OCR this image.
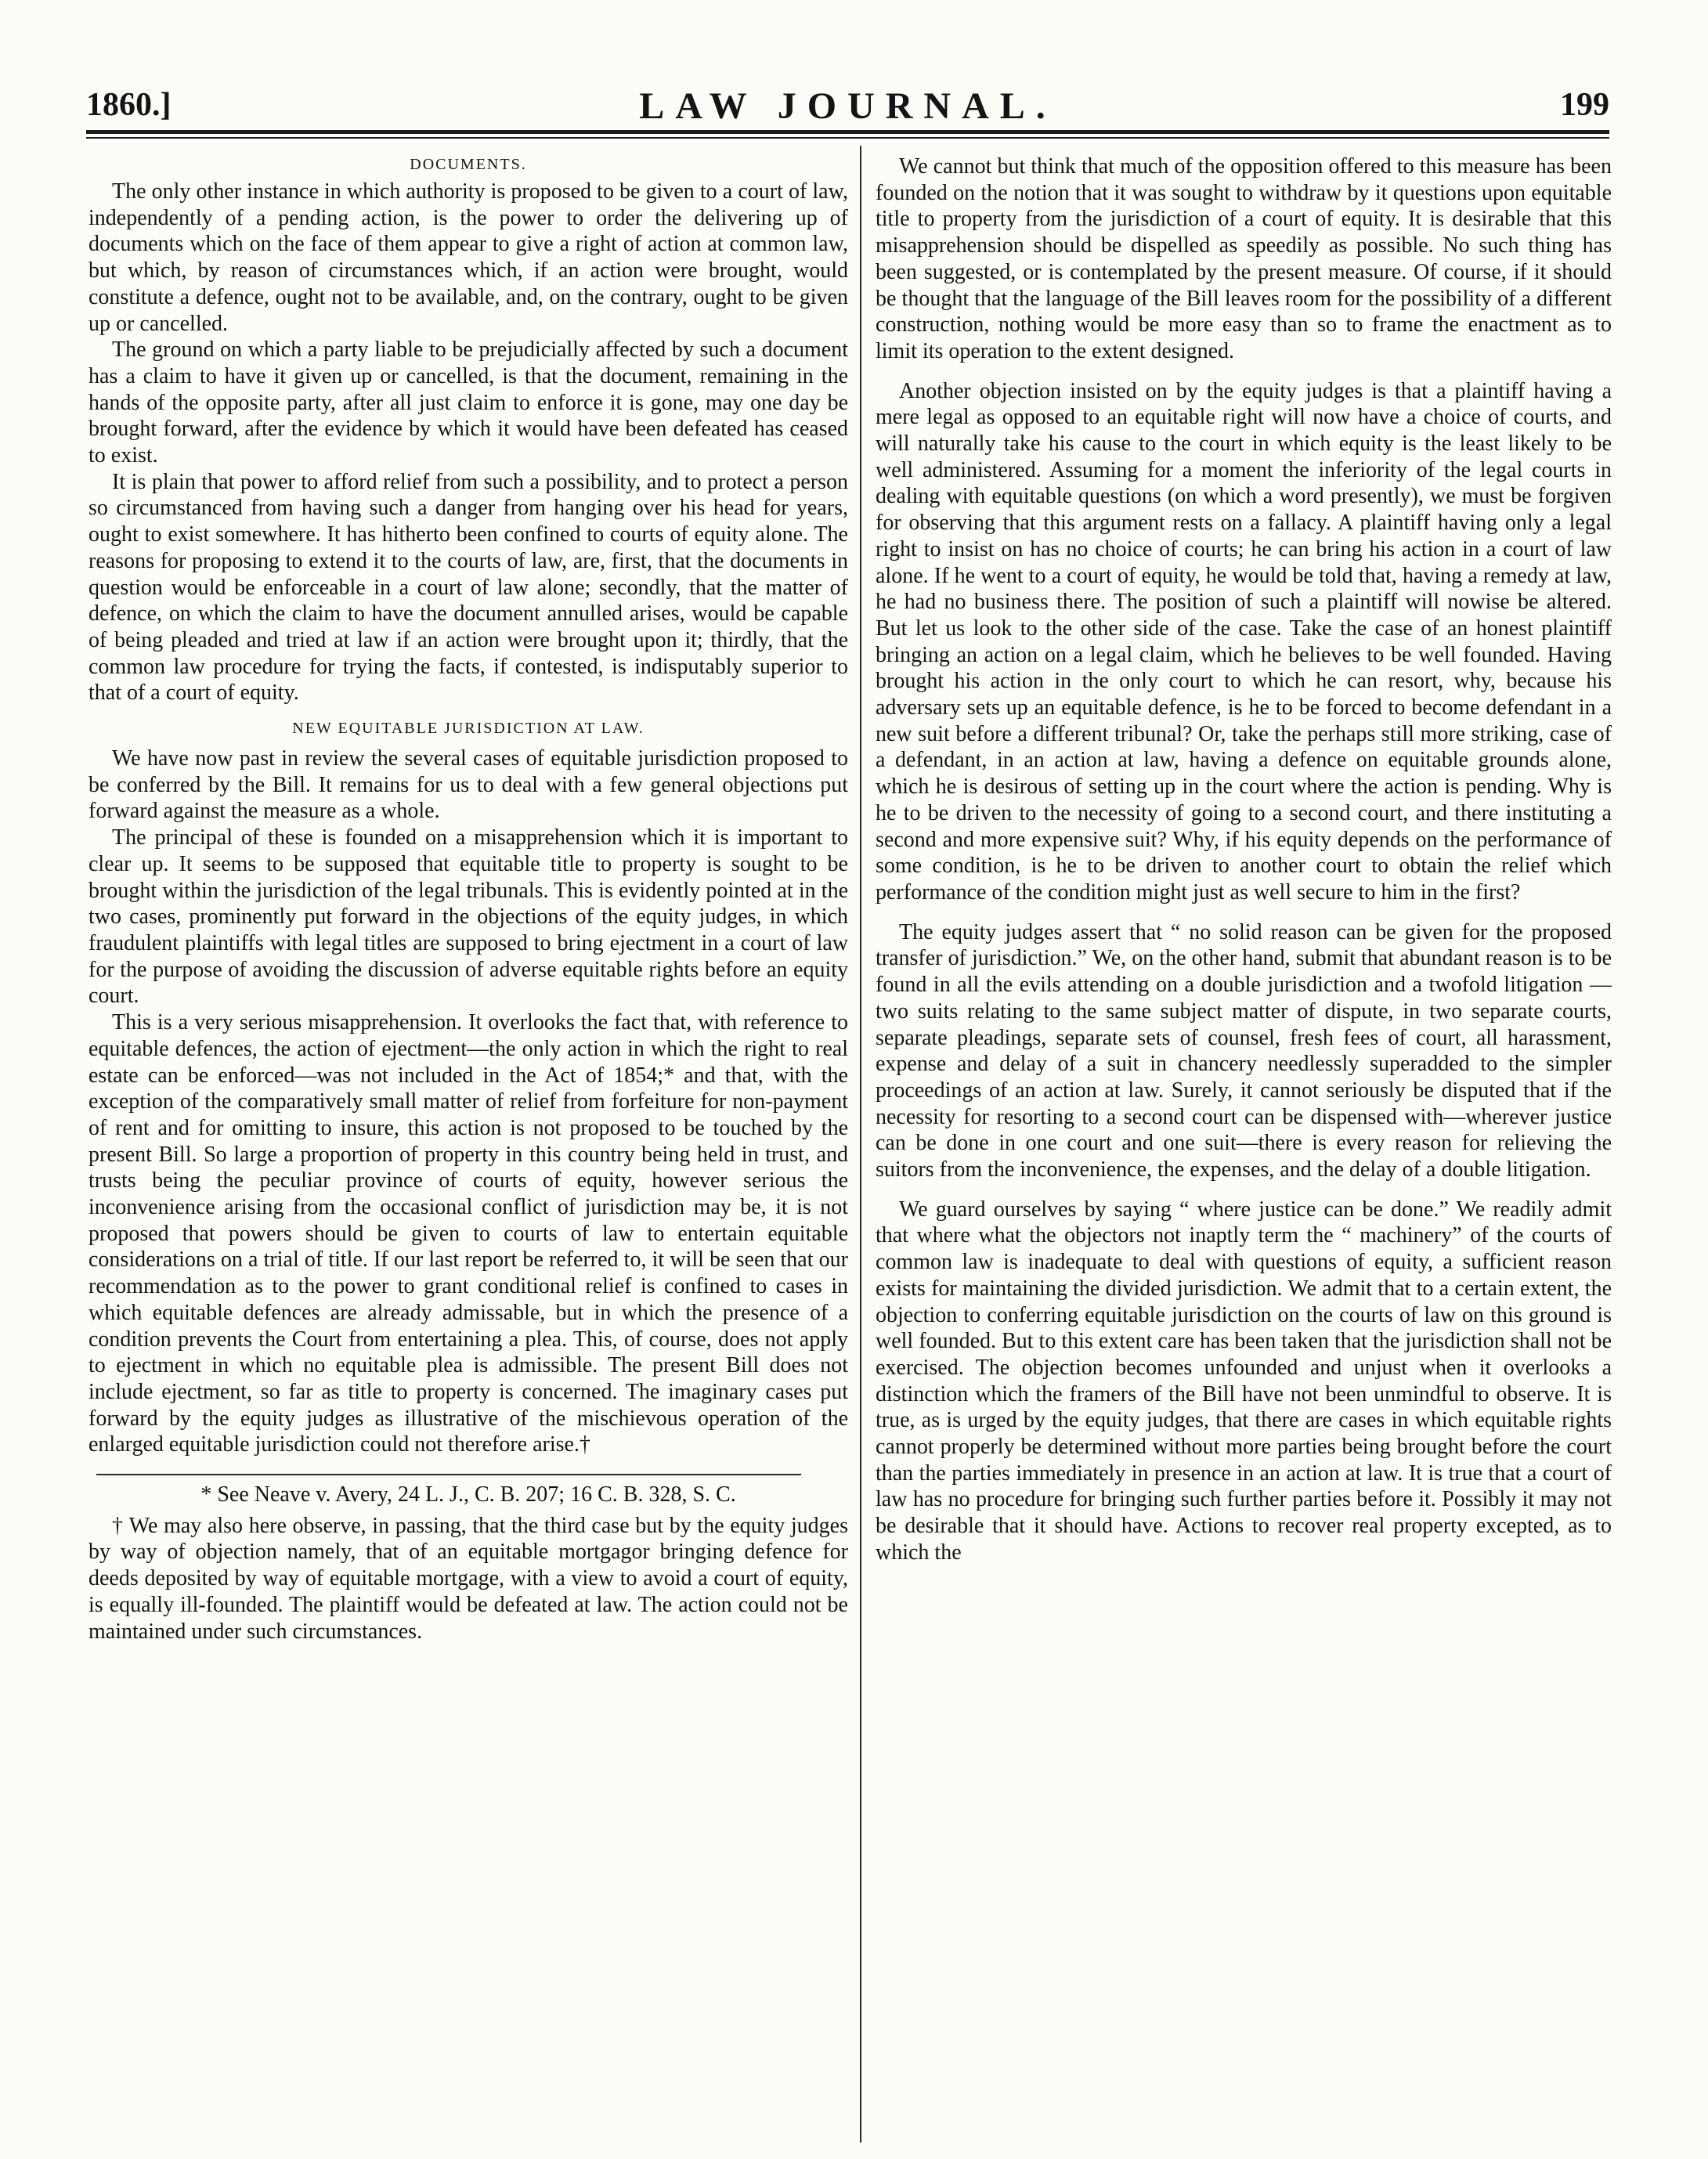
1860.]	LAW JOURNAL.	199
DOCUMENTS.

The only other instance in which authority is proposed to be given to a court of law, independently of a pending action, is the power to order the delivering up of documents which on the face of them appear to give a right of action at common law, but which, by reason of circumstances which, if an action were brought, would constitute a defence, ought not to be available, and, on the contrary, ought to be given up or cancelled.

The ground on which a party liable to be prejudicially affected by such a document has a claim to have it given up or cancelled, is that the document, remaining in the hands of the opposite party, after all just claim to enforce it is gone, may one day be brought forward, after the evidence by which it would have been defeated has ceased to exist.

It is plain that power to afford relief from such a possibility, and to protect a person so circumstanced from having such a danger from hanging over his head for years, ought to exist somewhere. It has hitherto been confined to courts of equity alone. The reasons for proposing to extend it to the courts of law, are, first, that the documents in question would be enforceable in a court of law alone; secondly, that the matter of defence, on which the claim to have the document annulled arises, would be capable of being pleaded and tried at law if an action were brought upon it; thirdly, that the common law procedure for trying the facts, if contested, is indisputably superior to that of a court of equity.

NEW EQUITABLE JURISDICTION AT LAW.

We have now past in review the several cases of equitable jurisdiction proposed to be conferred by the Bill. It remains for us to deal with a few general objections put forward against the measure as a whole.

The principal of these is founded on a misapprehension which it is important to clear up. It seems to be supposed that equitable title to property is sought to be brought within the jurisdiction of the legal tribunals. This is evidently pointed at in the two cases, prominently put forward in the objections of the equity judges, in which fraudulent plaintiffs with legal titles are supposed to bring ejectment in a court of law for the purpose of avoiding the discussion of adverse equitable rights before an equity court.

This is a very serious misapprehension. It overlooks the fact that, with reference to equitable defences, the action of ejectment—the only action in which the right to real estate can be enforced—was not included in the Act of 1854;* and that, with the exception of the comparatively small matter of relief from forfeiture for non-payment of rent and for omitting to insure, this action is not proposed to be touched by the present Bill. So large a proportion of property in this country being held in trust, and trusts being the peculiar province of courts of equity, however serious the inconvenience arising from the occasional conflict of jurisdiction may be, it is not proposed that powers should be given to courts of law to entertain equitable considerations on a trial of title. If our last report be referred to, it will be seen that our recommendation as to the power to grant conditional relief is confined to cases in which equitable defences are already admissable, but in which the presence of a condition prevents the Court from entertaining a plea. This, of course, does not apply to ejectment in which no equitable plea is admissible. The present Bill does not include ejectment, so far as title to property is concerned. The imaginary cases put forward by the equity judges as illustrative of the mischievous operation of the enlarged equitable jurisdiction could not therefore arise.†

* See Neave v. Avery, 24 L. J., C. B. 207; 16 C. B. 328, S. C.

† We may also here observe, in passing, that the third case but by the equity judges by way of objection namely, that of an equitable mortgagor bringing defence for deeds deposited by way of equitable mortgage, with a view to avoid a court of equity, is equally ill-founded. The plaintiff would be defeated at law. The action could not be maintained under such circumstances.

We cannot but think that much of the opposition offered to this measure has been founded on the notion that it was sought to withdraw by it questions upon equitable title to property from the jurisdiction of a court of equity. It is desirable that this misapprehension should be dispelled as speedily as possible. No such thing has been suggested, or is contemplated by the present measure. Of course, if it should be thought that the language of the Bill leaves room for the possibility of a different construction, nothing would be more easy than so to frame the enactment as to limit its operation to the extent designed.

Another objection insisted on by the equity judges is that a plaintiff having a mere legal as opposed to an equitable right will now have a choice of courts, and will naturally take his cause to the court in which equity is the least likely to be well administered. Assuming for a moment the inferiority of the legal courts in dealing with equitable questions (on which a word presently), we must be forgiven for observing that this argument rests on a fallacy. A plaintiff having only a legal right to insist on has no choice of courts; he can bring his action in a court of law alone. If he went to a court of equity, he would be told that, having a remedy at law, he had no business there. The position of such a plaintiff will nowise be altered. But let us look to the other side of the case. Take the case of an honest plaintiff bringing an action on a legal claim, which he believes to be well founded. Having brought his action in the only court to which he can resort, why, because his adversary sets up an equitable defence, is he to be forced to become defendant in a new suit before a different tribunal? Or, take the perhaps still more striking, case of a defendant, in an action at law, having a defence on equitable grounds alone, which he is desirous of setting up in the court where the action is pending. Why is he to be driven to the necessity of going to a second court, and there instituting a second and more expensive suit? Why, if his equity depends on the performance of some condition, is he to be driven to another court to obtain the relief which performance of the condition might just as well secure to him in the first?

The equity judges assert that “ no solid reason can be given for the proposed transfer of jurisdiction.” We, on the other hand, submit that abundant reason is to be found in all the evils attending on a double jurisdiction and a twofold litigation —two suits relating to the same subject matter of dispute, in two separate courts, separate pleadings, separate sets of counsel, fresh fees of court, all harassment, expense and delay of a suit in chancery needlessly superadded to the simpler proceedings of an action at law. Surely, it cannot seriously be disputed that if the necessity for resorting to a second court can be dispensed with—wherever justice can be done in one court and one suit—there is every reason for relieving the suitors from the inconvenience, the expenses, and the delay of a double litigation.

We guard ourselves by saying “ where justice can be done.” We readily admit that where what the objectors not inaptly term the “ machinery” of the courts of common law is inadequate to deal with questions of equity, a sufficient reason exists for maintaining the divided jurisdiction. We admit that to a certain extent, the objection to conferring equitable jurisdiction on the courts of law on this ground is well founded. But to this extent care has been taken that the jurisdiction shall not be exercised. The objection becomes unfounded and unjust when it overlooks a distinction which the framers of the Bill have not been unmindful to observe. It is true, as is urged by the equity judges, that there are cases in which equitable rights cannot properly be determined without more parties being brought before the court than the parties immediately in presence in an action at law. It is true that a court of law has no procedure for bringing such further parties before it. Possibly it may not be desirable that it should have. Actions to recover real property excepted, as to which the
